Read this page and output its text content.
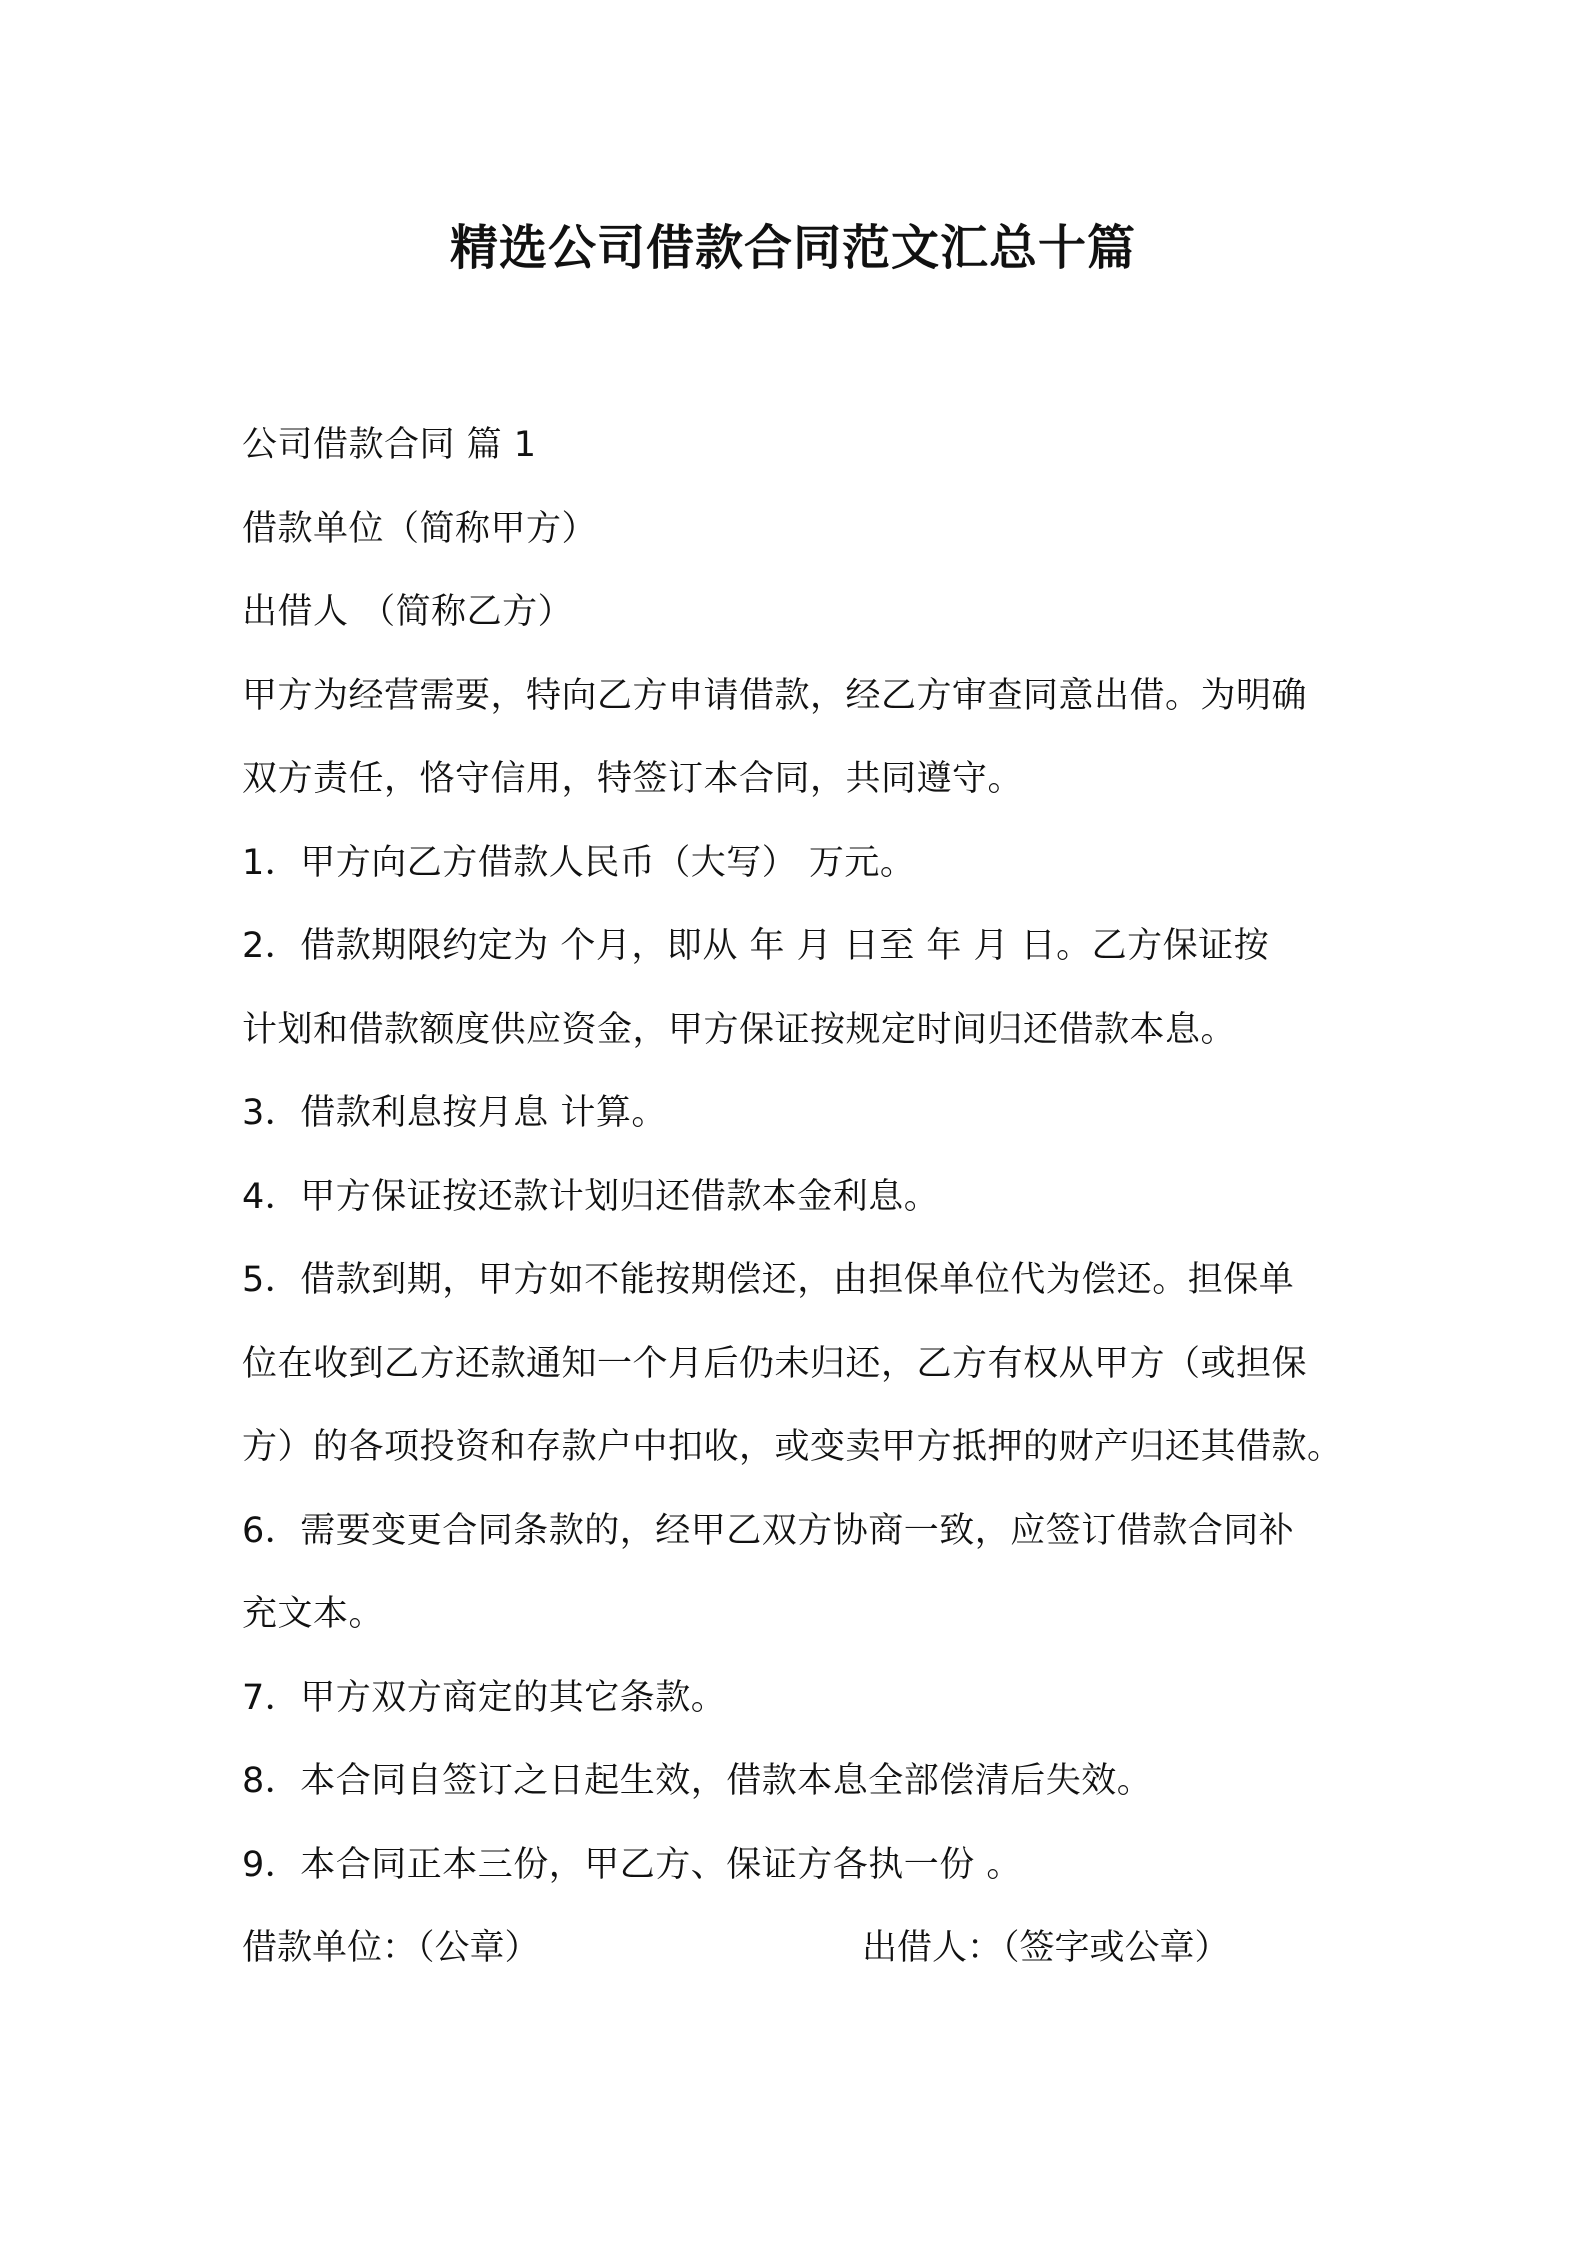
精选公司借款合同范文汇总十篇
公司借款合同 篇 1
借款单位（简称甲方）
出借人 （简称乙方）
甲方为经营需要，特向乙方申请借款，经乙方审查同意出借。为明确
双方责任，恪守信用，特签订本合同，共同遵守。
1．甲方向乙方借款人民币（大写） 万元。
2．借款期限约定为 个月，即从 年 月 日至 年 月 日。乙方保证按
计划和借款额度供应资金，甲方保证按规定时间归还借款本息。
3．借款利息按月息 计算。
4．甲方保证按还款计划归还借款本金利息。
5．借款到期，甲方如不能按期偿还，由担保单位代为偿还。担保单
位在收到乙方还款通知一个月后仍未归还，乙方有权从甲方（或担保
方）的各项投资和存款户中扣收，或变卖甲方抵押的财产归还其借款。
6．需要变更合同条款的，经甲乙双方协商一致，应签订借款合同补
充文本。
7．甲方双方商定的其它条款。
8．本合同自签订之日起生效，借款本息全部偿清后失效。
9．本合同正本三份，甲乙方、保证方各执一份 。
借款单位：（公章）	出借人：（签字或公章）
